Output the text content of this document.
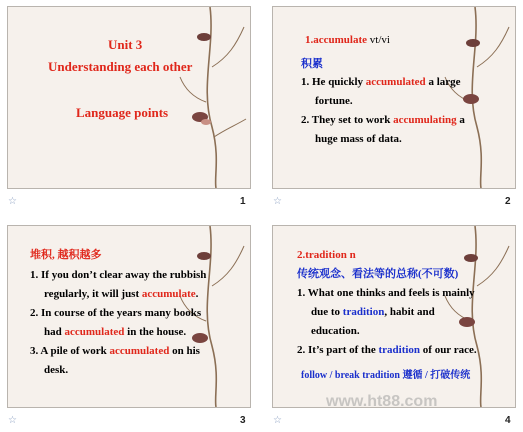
Unit 3
Understanding each other
Language points
☆	1
1.accumulate vt/vi
积累
1. He quickly accumulated a large
fortune.
2. They set to work accumulating a
huge mass of data.
☆	2
堆积, 越积越多
1. If you don’t clear away the rubbish
regularly, it will just accumulate.
2. In course of the years many books
had accumulated in the house.
3. A pile of work accumulated on his
desk.
☆	3
2.tradition n
传统观念、看法等的总称(不可数)
1. What one thinks and feels is mainly
due to tradition, habit and
education.
2. It’s part of the tradition of our race.
follow / break tradition 遵循 / 打破传统
☆	4
www.ht88.com
